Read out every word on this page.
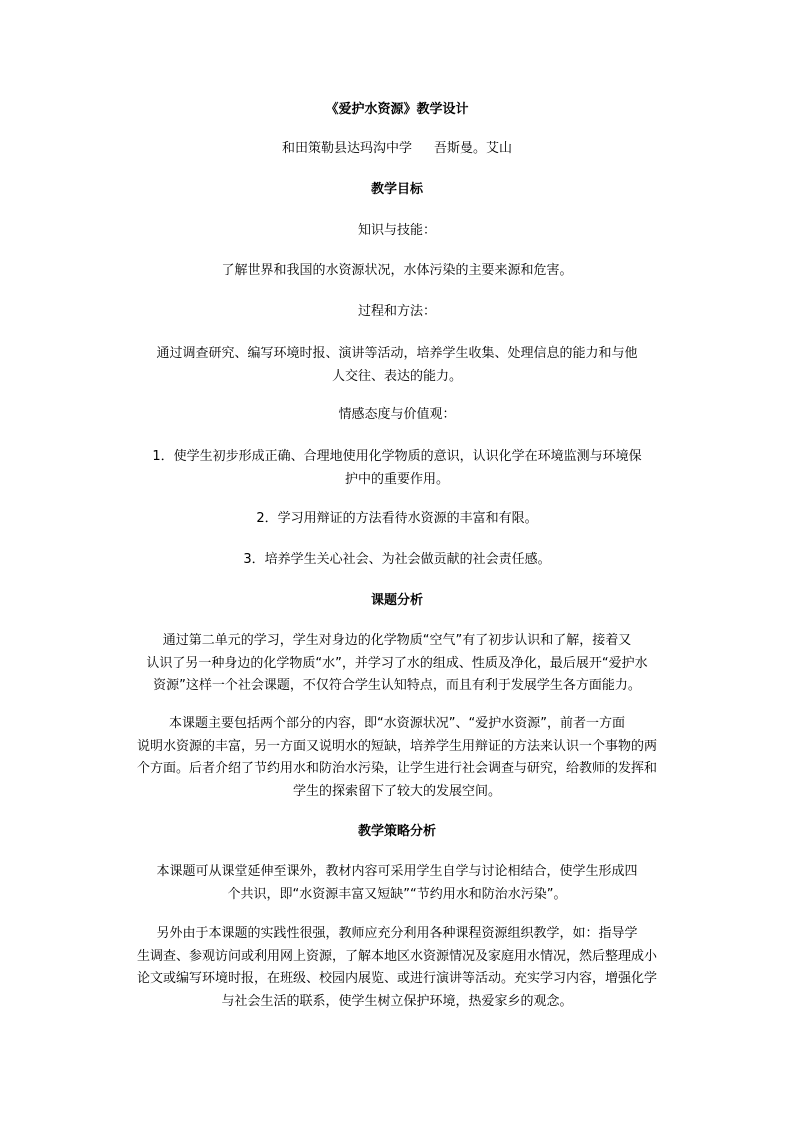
《爱护水资源》教学设计
和田策勒县达玛沟中学 吾斯曼。艾山
教学目标
知识与技能：
了解世界和我国的水资源状况，水体污染的主要来源和危害。
过程和方法：

通过调查研究、编写环境时报、演讲等活动，培养学生收集、处理信息的能力和与他

人交往、表达的能力。

情感态度与价值观：

1．使学生初步形成正确、合理地使用化学物质的意识，认识化学在环境监测与环境保

护中的重要作用。

2．学习用辩证的方法看待水资源的丰富和有限。
3．培养学生关心社会、为社会做贡献的社会责任感。
课题分析

通过第二单元的学习，学生对身边的化学物质“空气”有了初步认识和了解，接着又

认识了另一种身边的化学物质“水”，并学习了水的组成、性质及净化，最后展开“爱护水

资源”这样一个社会课题，不仅符合学生认知特点，而且有利于发展学生各方面能力。

本课题主要包括两个部分的内容，即“水资源状况”、“爱护水资源”，前者一方面

说明水资源的丰富，另一方面又说明水的短缺，培养学生用辩证的方法来认识一个事物的两

个方面。后者介绍了节约用水和防治水污染，让学生进行社会调查与研究，给教师的发挥和

学生的探索留下了较大的发展空间。

教学策略分析

本课题可从课堂延伸至课外，教材内容可采用学生自学与讨论相结合，使学生形成四

个共识，即“水资源丰富又短缺”“节约用水和防治水污染”。

另外由于本课题的实践性很强，教师应充分利用各种课程资源组织教学，如：指导学

生调查、参观访问或利用网上资源，了解本地区水资源情况及家庭用水情况，然后整理成小

论文或编写环境时报，在班级、校园内展览、或进行演讲等活动。充实学习内容，增强化学

与社会生活的联系，使学生树立保护环境，热爱家乡的观念。
